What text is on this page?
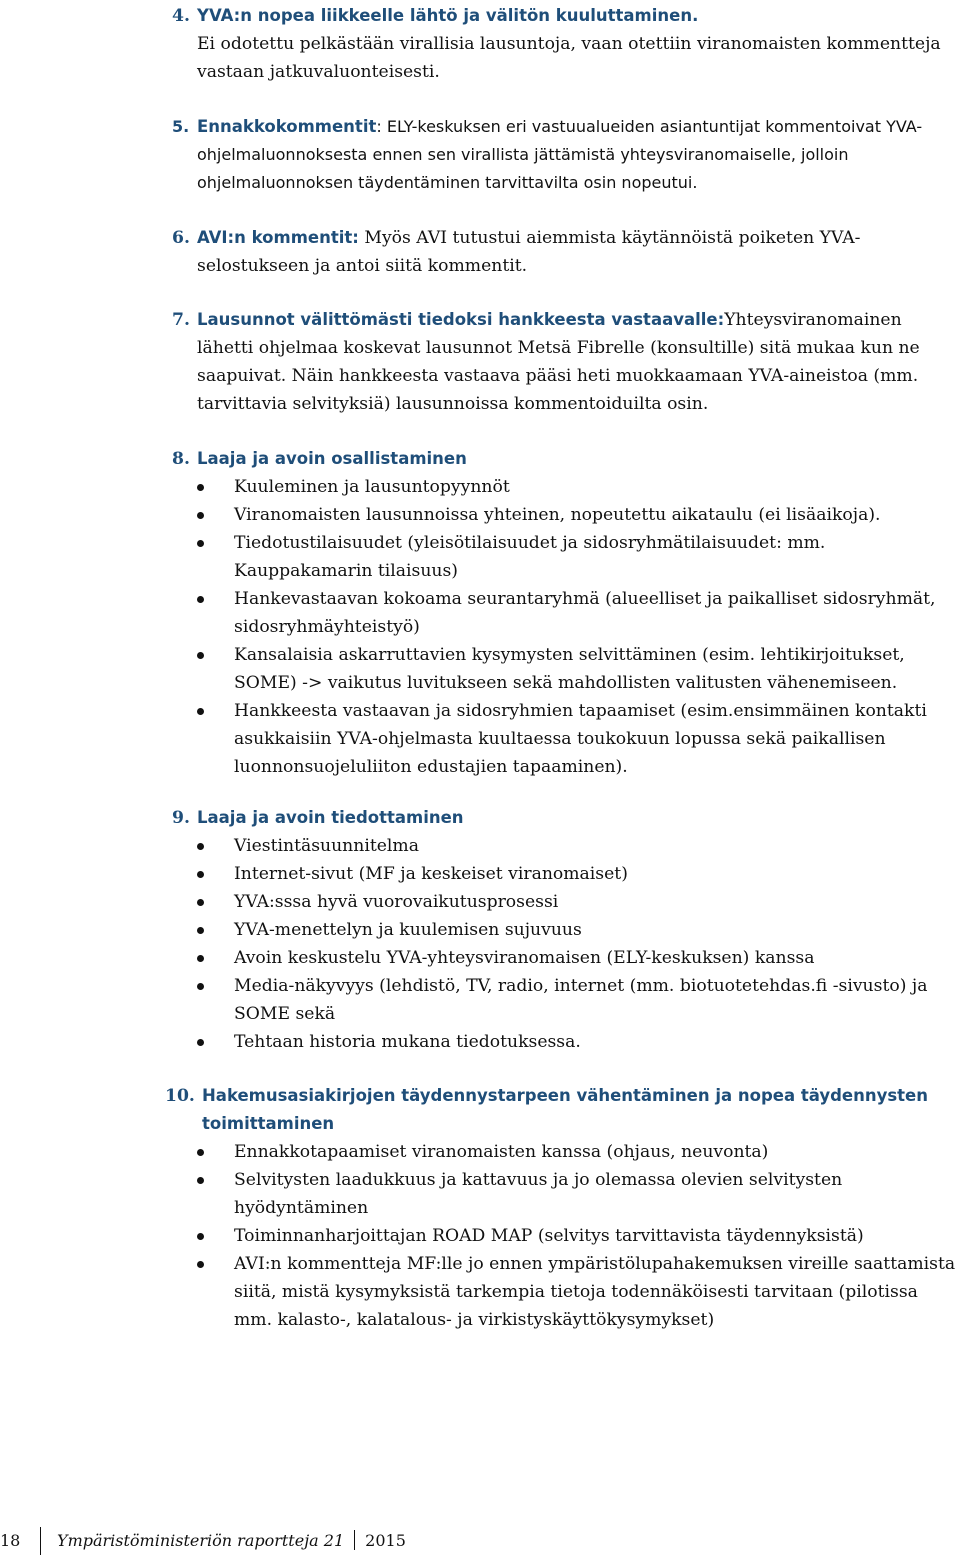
4. YVA:n nopea liikkeelle lähtö ja välitön kuuluttaminen.
Ei odotettu pelkästään virallisia lausuntoja, vaan otettiin viranomaisten kommentteja vastaan jatkuvaluonteisesti.
5. Ennakkokommentit: ELY-keskuksen eri vastuualueiden asiantuntijat kommentoivat YVA-ohjelmaluonnoksesta ennen sen virallista jättämistä yhteysviranomaiselle, jolloin ohjelmaluonnoksen täydentäminen tarvittavilta osin nopeutui.
6. AVI:n kommentit: Myös AVI tutustui aiemmista käytännöistä poiketen YVA-selostukseen ja antoi siitä kommentit.
7. Lausunnot välittömästi tiedoksi hankkeesta vastaavalle:Yhteysviranomainen lähetti ohjelmaa koskevat lausunnot Metsä Fibrelle (konsultille) sitä mukaa kun ne saapuivat. Näin hankkeesta vastaava pääsi heti muokkaamaan YVA-aineistoa (mm. tarvittavia selvityksiä) lausunnoissa kommentoiduilta osin.
8. Laaja ja avoin osallistaminen
Kuuleminen ja lausuntopyynnöt
Viranomaisten lausunnoissa yhteinen, nopeutettu aikataulu (ei lisäaikoja).
Tiedotustilaisuudet (yleisötilaisuudet ja sidosryhmätilaisuudet: mm. Kauppakamarin tilaisuus)
Hankevastaavan kokoama seurantaryhmä (alueelliset ja paikalliset sidosryhmät, sidosryhmäyhteistyö)
Kansalaisia askarruttavien kysymysten selvittäminen (esim. lehtikirjoitukset, SOME) -> vaikutus luvitukseen sekä mahdollisten valitusten vähenemiseen.
Hankkeesta vastaavan ja sidosryhmien tapaamiset (esim.ensimmäinen kontakti asukkaisiin YVA-ohjelmasta kuultaessa toukokuun lopussa sekä paikallisen luonnonsuojeluliiton edustajien tapaaminen).
9. Laaja ja avoin tiedottaminen
Viestintäsuunnitelma
Internet-sivut (MF ja keskeiset viranomaiset)
YVA:sssa hyvä vuorovaikutusprosessi
YVA-menettelyn ja kuulemisen sujuvuus
Avoin keskustelu YVA-yhteysviranomaisen (ELY-keskuksen) kanssa
Media-näkyvyys (lehdistö, TV, radio, internet (mm. biotuotetehdas.fi -sivusto) ja SOME sekä
Tehtaan historia mukana tiedotuksessa.
10. Hakemusasiakirjojen täydennystarpeen vähentäminen ja nopea täydennysten toimittaminen
Ennakkotapaamiset viranomaisten kanssa (ohjaus, neuvonta)
Selvitysten laadukkuus ja kattavuus ja jo olemassa olevien selvitysten hyödyntäminen
Toiminnanharjoittajan ROAD MAP (selvitys tarvittavista täydennyksistä)
AVI:n kommentteja MF:lle jo ennen ympäristölupahakemuksen vireille saattamista siitä, mistä kysymyksistä tarkempia tietoja todennäköisesti tarvitaan (pilotissa mm. kalasto-, kalatalous- ja virkistyskäyttökysymykset)
18 Ympäristöministeriön raportteja 21 2015
